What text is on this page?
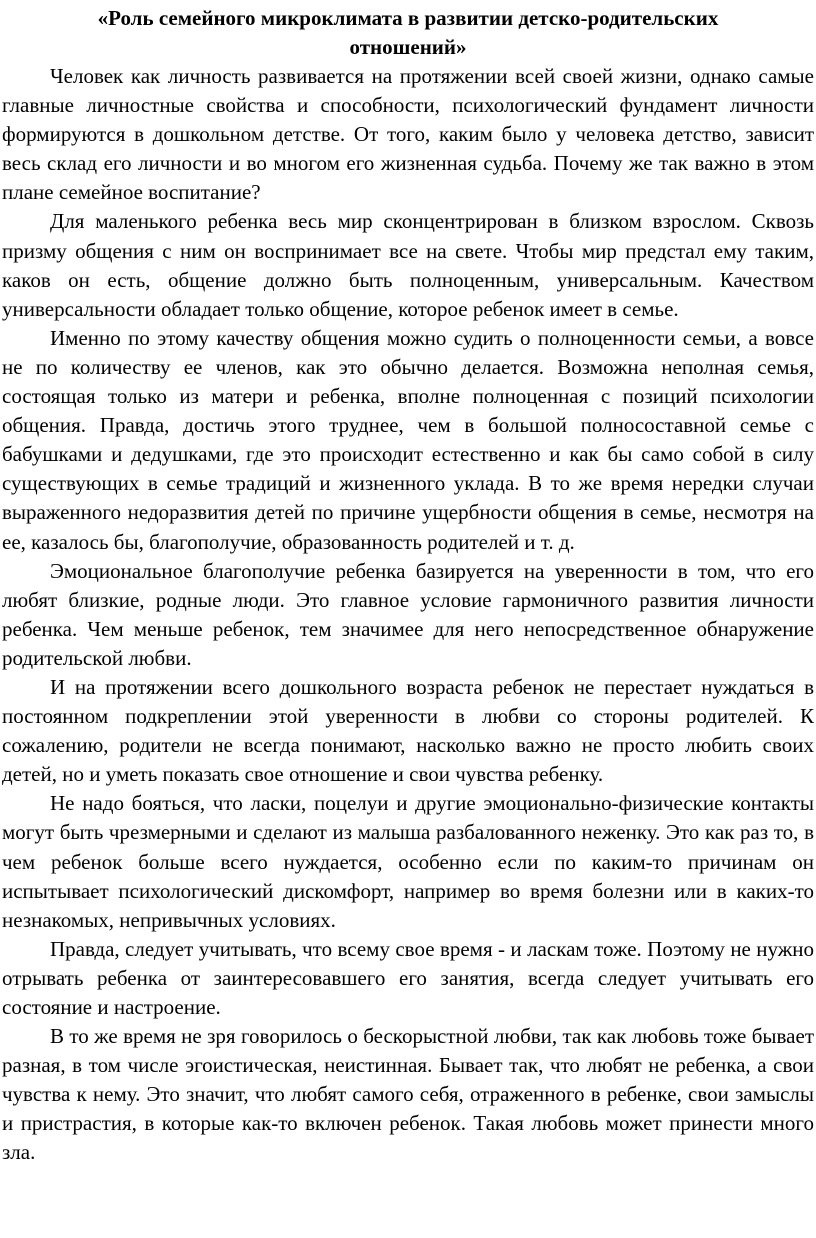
«Роль семейного микроклимата в развитии детско-родительских
отношений»

Человек как личность развивается на протяжении всей своей жизни, однако самые главные личностные свойства и способности, психологический фундамент личности формируются в дошкольном детстве. От того, каким было у человека детство, зависит весь склад его личности и во многом его жизненная судьба. Почему же так важно в этом плане семейное воспитание?

Для маленького ребенка весь мир сконцентрирован в близком взрослом. Сквозь призму общения с ним он воспринимает все на свете. Чтобы мир предстал ему таким, каков он есть, общение должно быть полноценным, универсальным. Качеством универсальности обладает только общение, которое ребенок имеет в семье.

Именно по этому качеству общения можно судить о полноценности семьи, а вовсе не по количеству ее членов, как это обычно делается. Возможна неполная семья, состоящая только из матери и ребенка, вполне полноценная с позиций психологии общения. Правда, достичь этого труднее, чем в большой полносоставной семье с бабушками и дедушками, где это происходит естественно и как бы само собой в силу существующих в семье традиций и жизненного уклада. В то же время нередки случаи выраженного недоразвития детей по причине ущербности общения в семье, несмотря на ее, казалось бы, благополучие, образованность родителей и т. д.

Эмоциональное благополучие ребенка базируется на уверенности в том, что его любят близкие, родные люди. Это главное условие гармоничного развития личности ребенка. Чем меньше ребенок, тем значимее для него непосредственное обнаружение родительской любви.

И на протяжении всего дошкольного возраста ребенок не перестает нуждаться в постоянном подкреплении этой уверенности в любви со стороны родителей. К сожалению, родители не всегда понимают, насколько важно не просто любить своих детей, но и уметь показать свое отношение и свои чувства ребенку.

Не надо бояться, что ласки, поцелуи и другие эмоционально-физические контакты могут быть чрезмерными и сделают из малыша разбалованного неженку. Это как раз то, в чем ребенок больше всего нуждается, особенно если по каким-то причинам он испытывает психологический дискомфорт, например во время болезни или в каких-то незнакомых, непривычных условиях.

Правда, следует учитывать, что всему свое время - и ласкам тоже. Поэтому не нужно отрывать ребенка от заинтересовавшего его занятия, всегда следует учитывать его состояние и настроение.

В то же время не зря говорилось о бескорыстной любви, так как любовь тоже бывает разная, в том числе эгоистическая, неистинная. Бывает так, что любят не ребенка, а свои чувства к нему. Это значит, что любят самого себя, отраженного в ребенке, свои замыслы и пристрастия, в которые как-то включен ребенок. Такая любовь может принести много зла.
